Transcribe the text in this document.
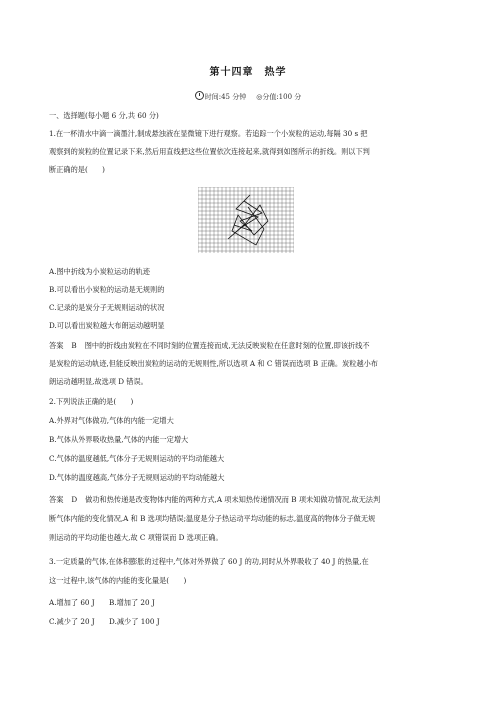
第十四章　热学
时间:45 分钟 ◎分值:100 分
一、选择题(每小题 6 分,共 60 分)
1.在一杯清水中滴一滴墨汁,制成悬浊液在显微镜下进行观察。若追踪一个小炭粒的运动,每隔 30 s 把
观察到的炭粒的位置记录下来,然后用直线把这些位置依次连接起来,就得到如图所示的折线。则以下判
断正确的是(　　)
A.图中折线为小炭粒运动的轨迹
B.可以看出小炭粒的运动是无规则的
C.记录的是炭分子无规则运动的状况
D.可以看出炭粒越大布朗运动越明显
答案 B 图中的折线由炭粒在不同时刻的位置连接而成,无法反映炭粒在任意时刻的位置,即该折线不
是炭粒的运动轨迹,但能反映出炭粒的运动的无规则性,所以选项 A 和 C 错误而选项 B 正确。炭粒越小布
朗运动越明显,故选项 D 错误。
2.下列说法正确的是(　　)
A.外界对气体做功,气体的内能一定增大
B.气体从外界吸收热量,气体的内能一定增大
C.气体的温度越低,气体分子无规则运动的平均动能越大
D.气体的温度越高,气体分子无规则运动的平均动能越大
答案 D 做功和热传递是改变物体内能的两种方式,A 项未知热传递情况而 B 项未知做功情况,故无法判
断气体内能的变化情况,A 和 B 选项均错误;温度是分子热运动平均动能的标志,温度高的物体分子做无规
则运动的平均动能也越大,故 C 项错误而 D 选项正确。
3.一定质量的气体,在体积膨胀的过程中,气体对外界做了 60 J 的功,同时从外界吸收了 40 J 的热量,在
这一过程中,该气体的内能的变化量是(　　)
A.增加了 60 J　　B.增加了 20 J
C.减少了 20 J　　D.减少了 100 J
